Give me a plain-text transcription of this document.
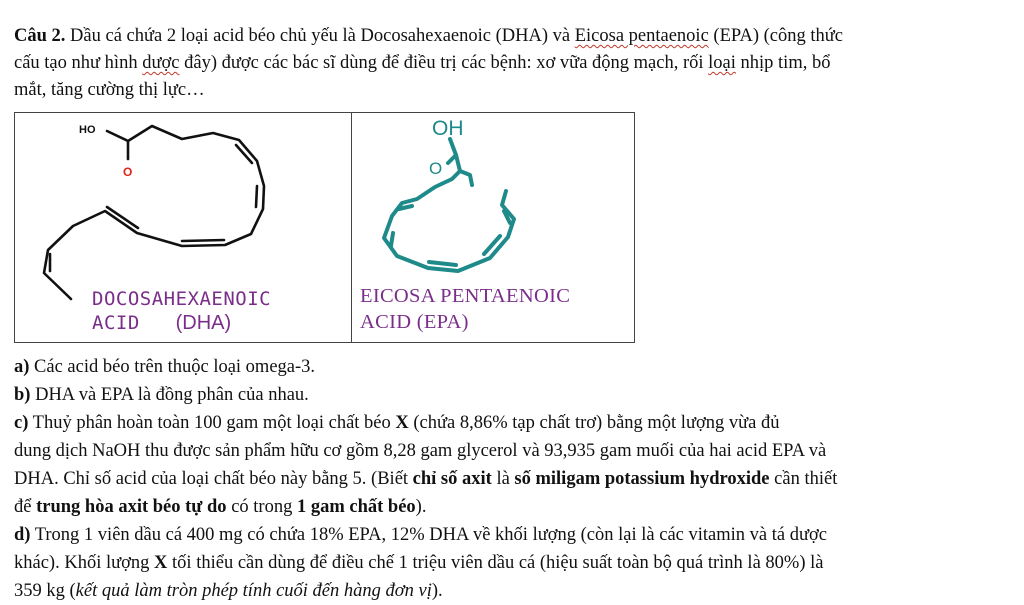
Câu 2. Dầu cá chứa 2 loại acid béo chủ yếu là Docosahexaenoic (DHA) và Eicosa pentaenoic (EPA) (công thức
cấu tạo như hình dược đây) được các bác sĩ dùng để điều trị các bệnh: xơ vữa động mạch, rối loại nhịp tim, bổ
mắt, tăng cường thị lực…
HO
O
DOCOSAHEXAENOIC
ACID (DHA)
OH
O
EICOSA PENTAENOIC
ACID (EPA)
a) Các acid béo trên thuộc loại omega-3.
b) DHA và EPA là đồng phân của nhau.
c) Thuỷ phân hoàn toàn 100 gam một loại chất béo X (chứa 8,86% tạp chất trơ) bằng một lượng vừa đủ
dung dịch NaOH thu được sản phẩm hữu cơ gồm 8,28 gam glycerol và 93,935 gam muối của hai acid EPA và
DHA. Chỉ số acid của loại chất béo này bằng 5. (Biết chỉ số axit là số miligam potassium hydroxide cần thiết
để trung hòa axit béo tự do có trong 1 gam chất béo).
d) Trong 1 viên dầu cá 400 mg có chứa 18% EPA, 12% DHA về khối lượng (còn lại là các vitamin và tá dược
khác). Khối lượng X tối thiểu cần dùng để điều chế 1 triệu viên dầu cá (hiệu suất toàn bộ quá trình là 80%) là
359 kg (kết quả làm tròn phép tính cuối đến hàng đơn vị).
